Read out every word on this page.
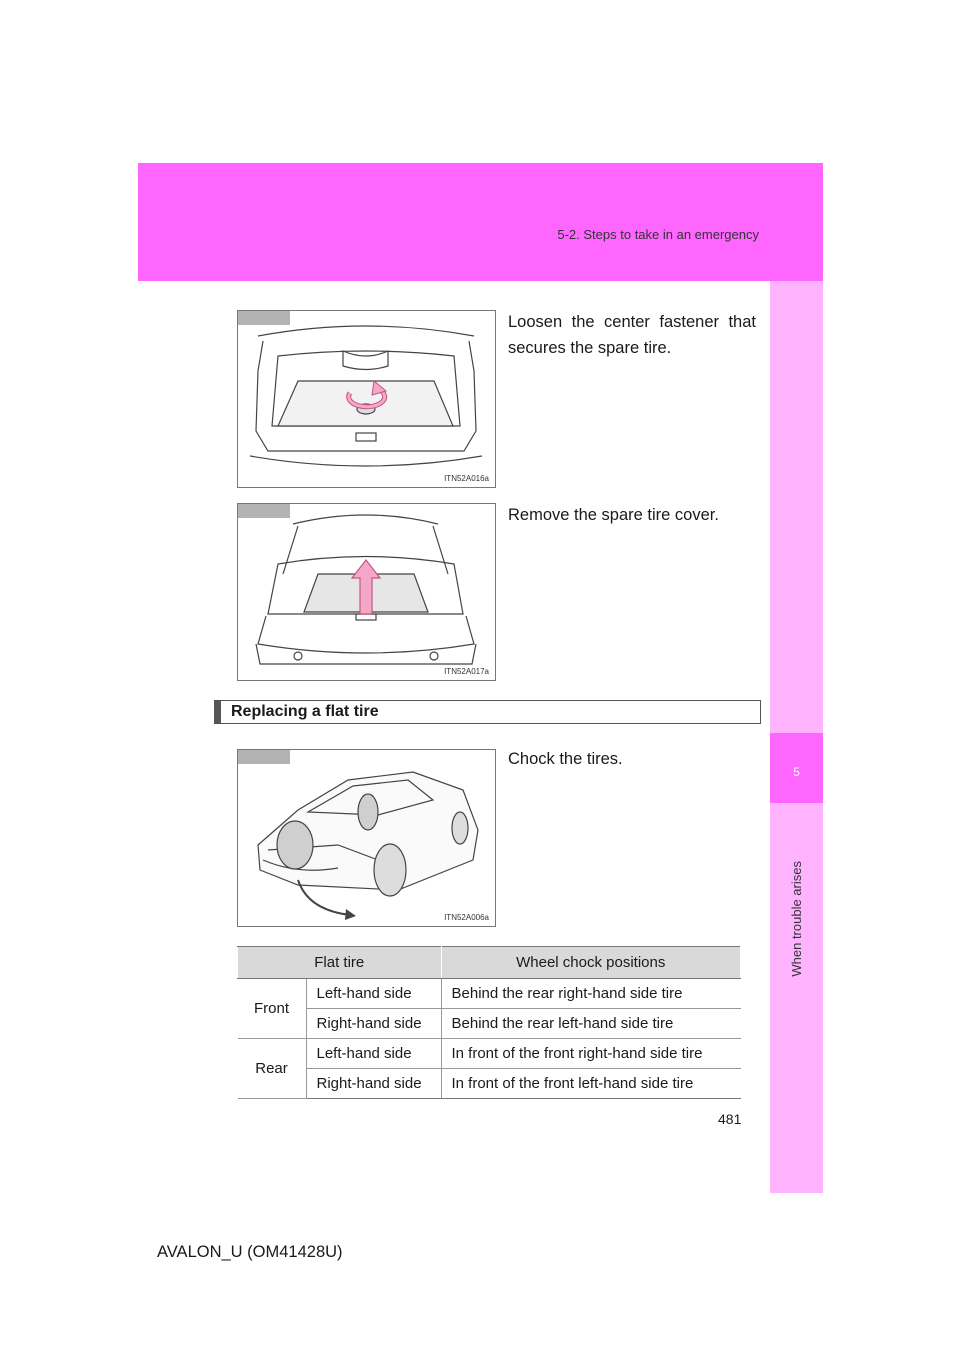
5-2. Steps to take in an emergency
5
When trouble arises
ITN52A016a
Loosen the center fastener that secures the spare tire.
ITN52A017a
Remove the spare tire cover.
Replacing a flat tire
ITN52A006a
Chock the tires.
Flat tire		Wheel chock positions
Front	Left-hand side	Behind the rear right-hand side tire
	Right-hand side	Behind the rear left-hand side tire
Rear	Left-hand side	In front of the front right-hand side tire
	Right-hand side	In front of the front left-hand side tire
481
AVALON_U (OM41428U)
